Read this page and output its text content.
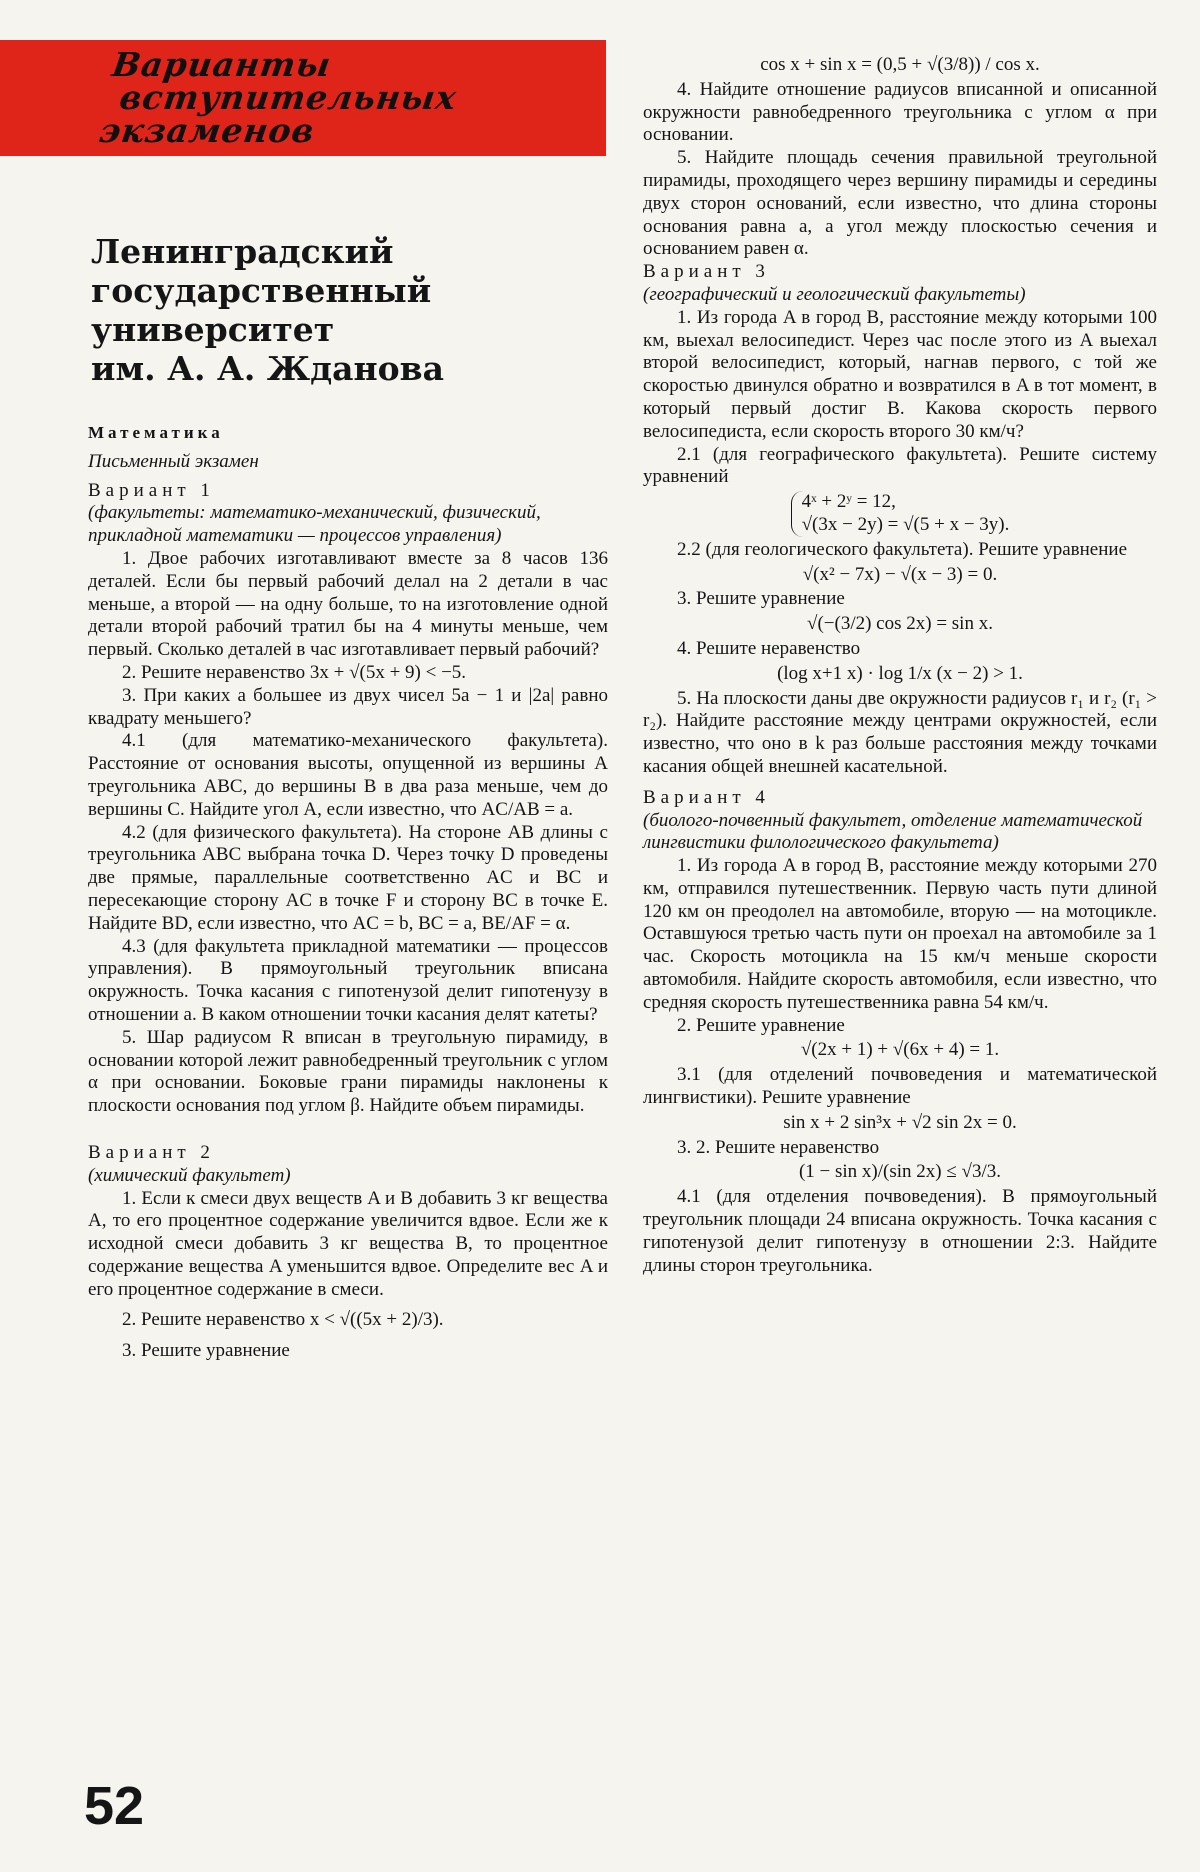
Варианты
вступительных
экзаменов
Ленинградский
государственный
университет
им. А. А. Жданова
Математика
Письменный экзамен
Вариант 1
(факультеты: математико-механический, физический, прикладной математики — процессов управления)

1. Двое рабочих изготавливают вместе за 8 часов 136 деталей. Если бы первый рабочий делал на 2 детали в час меньше, а второй — на одну больше, то на изготовление одной детали второй рабочий тратил бы на 4 минуты меньше, чем первый. Сколько деталей в час изготавливает первый рабочий?

2. Решите неравенство 3x + √(5x + 9) < −5.

3. При каких a большее из двух чисел 5a − 1 и |2a| равно квадрату меньшего?

4.1 (для математико-механического факультета). Расстояние от основания высоты, опущенной из вершины A треугольника ABC, до вершины B в два раза меньше, чем до вершины C. Найдите угол A, если известно, что AC/AB = a.

4.2 (для физического факультета). На стороне AB длины c треугольника ABC выбрана точка D. Через точку D проведены две прямые, параллельные соответственно AC и BC и пересекающие сторону AC в точке F и сторону BC в точке E. Найдите BD, если известно, что AC = b, BC = a, BE/AF = α.

4.3 (для факультета прикладной математики — процессов управления). В прямоугольный треугольник вписана окружность. Точка касания с гипотенузой делит гипотенузу в отношении a. В каком отношении точки касания делят катеты?

5. Шар радиусом R вписан в треугольную пирамиду, в основании которой лежит равнобедренный треугольник с углом α при основании. Боковые грани пирамиды наклонены к плоскости основания под углом β. Найдите объем пирамиды.

Вариант 2
(химический факультет)

1. Если к смеси двух веществ A и B добавить 3 кг вещества A, то его процентное содержание увеличится вдвое. Если же к исходной смеси добавить 3 кг вещества B, то процентное содержание вещества A уменьшится вдвое. Определите вес A и его процентное содержание в смеси.

2. Решите неравенство x < √((5x + 2)/3).

3. Решите уравнение

cos x + sin x = (0,5 + √(3/8)) / cos x.

4. Найдите отношение радиусов вписанной и описанной окружности равнобедренного треугольника с углом α при основании.

5. Найдите площадь сечения правильной треугольной пирамиды, проходящего через вершину пирамиды и середины двух сторон оснований, если известно, что длина стороны основания равна a, а угол между плоскостью сечения и основанием равен α.

Вариант 3
(географический и геологический факультеты)

1. Из города A в город B, расстояние между которыми 100 км, выехал велосипедист. Через час после этого из A выехал второй велосипедист, который, нагнав первого, с той же скоростью двинулся обратно и возвратился в A в тот момент, в который первый достиг B. Какова скорость первого велосипедиста, если скорость второго 30 км/ч?

2.1 (для географического факультета). Решите систему уравнений

4ˣ + 2ʸ = 12,
√(3x − 2y) = √(5 + x − 3y).

2.2 (для геологического факультета). Решите уравнение

√(x² − 7x) − √(x − 3) = 0.

3. Решите уравнение

√(−(3/2) cos 2x) = sin x.

4. Решите неравенство

(log x+1 x) · log 1/x (x − 2) > 1.

5. На плоскости даны две окружности радиусов r₁ и r₂ (r₁ > r₂). Найдите расстояние между центрами окружностей, если известно, что оно в k раз больше расстояния между точками касания общей внешней касательной.

Вариант 4
(биолого-почвенный факультет, отделение математической лингвистики филологического факультета)

1. Из города A в город B, расстояние между которыми 270 км, отправился путешественник. Первую часть пути длиной 120 км он преодолел на автомобиле, вторую — на мотоцикле. Оставшуюся третью часть пути он проехал на автомобиле за 1 час. Скорость мотоцикла на 15 км/ч меньше скорости автомобиля. Найдите скорость автомобиля, если известно, что средняя скорость путешественника равна 54 км/ч.

2. Решите уравнение

√(2x + 1) + √(6x + 4) = 1.

3.1 (для отделений почвоведения и математической лингвистики). Решите уравнение

sin x + 2 sin³x + √2 sin 2x = 0.

3. 2. Решите неравенство

(1 − sin x)/(sin 2x) ≤ √3/3.

4.1 (для отделения почвоведения). В прямоугольный треугольник площади 24 вписана окружность. Точка касания с гипотенузой делит гипотенузу в отношении 2:3. Найдите длины сторон треугольника.

52
